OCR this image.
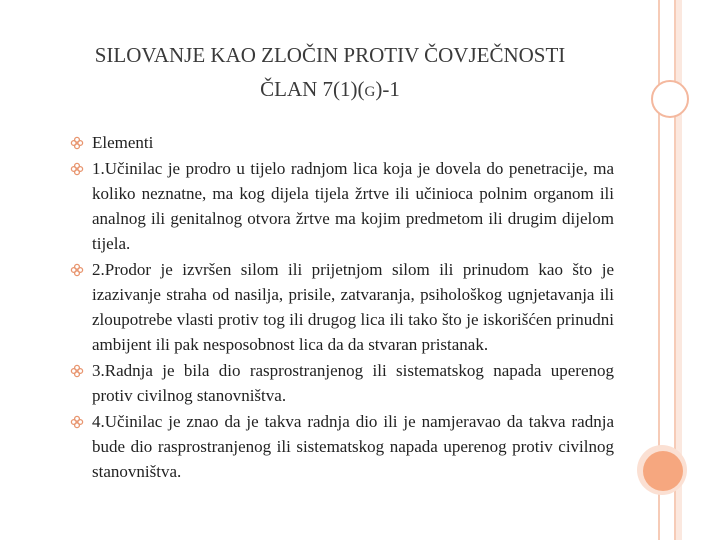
SILOVANJE KAO ZLOČIN PROTIV ČOVJEČNOSTI
ČLAN 7(1)(G)-1
Elementi
1.Učinilac je prodro u tijelo radnjom lica koja je dovela do penetracije, ma koliko neznatne, ma kog dijela tijela žrtve ili učinioca polnim organom ili analnog ili genitalnog otvora žrtve ma kojim predmetom ili drugim dijelom tijela.
2.Prodor je izvršen silom ili prijetnjom silom ili prinudom kao što je izazivanje straha od nasilja, prisile, zatvaranja, psihološkog ugnjetavanja ili zloupotrebe vlasti protiv tog ili drugog lica ili tako što je iskorišćen prinudni ambijent ili pak nesposobnost lica da da stvaran pristanak.
3.Radnja je bila dio rasprostranjenog ili sistematskog napada uperenog protiv civilnog stanovništva.
4.Učinilac je znao da je takva radnja dio ili je namjeravao da takva radnja bude dio rasprostranjenog ili sistematskog napada uperenog protiv civilnog stanovništva.
